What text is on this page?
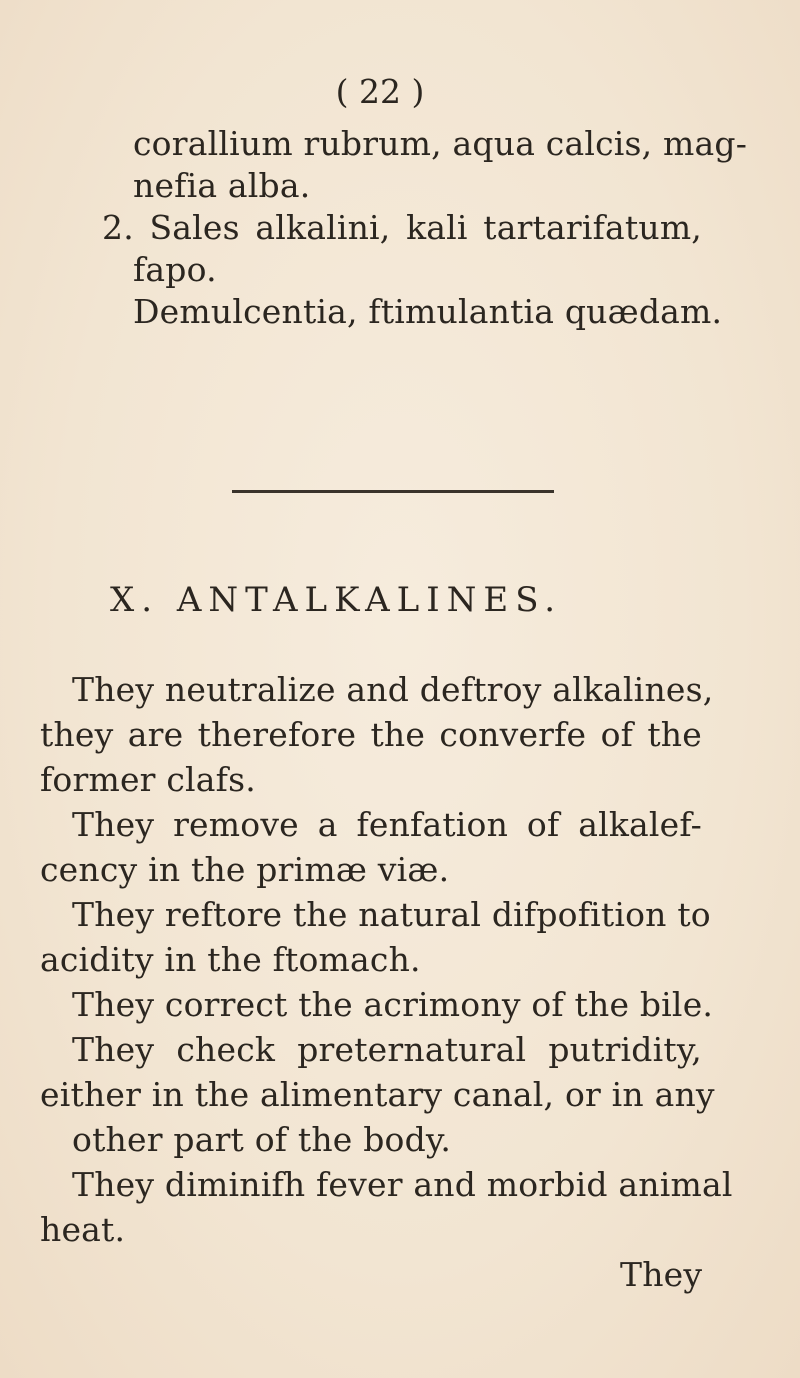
( 22 )
corallium rubrum, aqua calcis, mag-
nefia alba.
2. Sales alkalini, kali tartarifatum,
fapo.
Demulcentia, ftimulantia quædam.
X. ANTALKALINES.
They neutralize and deftroy alkalines,
they are therefore the converfe of the
former clafs.
They remove a fenfation of alkalef-
cency in the primæ viæ.
They reftore the natural difpofition to
acidity in the ftomach.
They correct the acrimony of the bile.
They check preternatural putridity,
either in the alimentary canal, or in any
other part of the body.
They diminifh fever and morbid animal
heat.
They
